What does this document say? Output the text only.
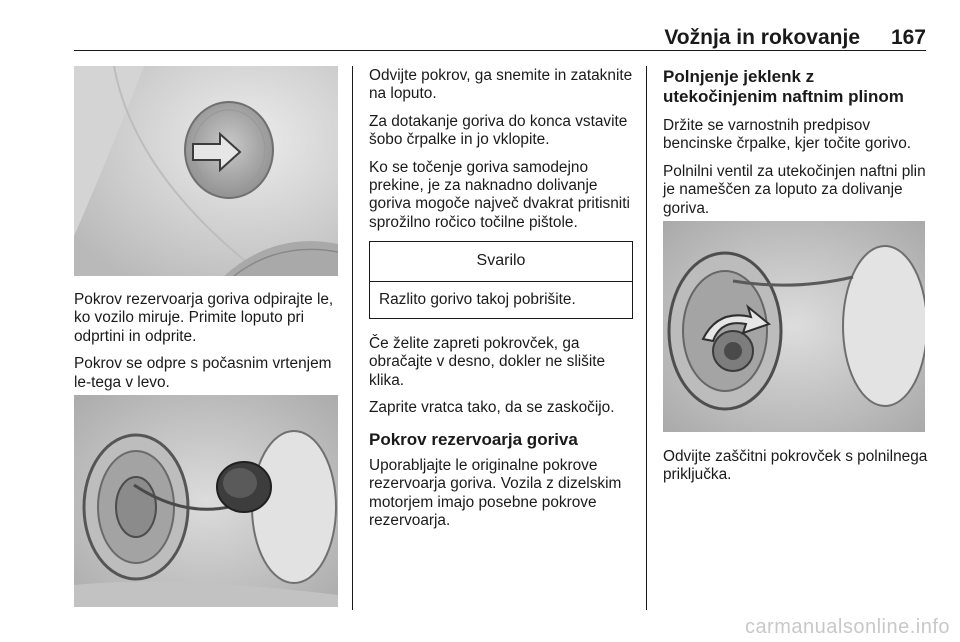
Vožnja in rokovanje	167

Pokrov rezervoarja goriva odpirajte le, ko vozilo miruje. Primite loputo pri odprtini in odprite.

Pokrov se odpre s počasnim vrtenjem le-tega v levo.

Odvijte pokrov, ga snemite in zataknite na loputo.

Za dotakanje goriva do konca vstavite šobo črpalke in jo vklopite.

Ko se točenje goriva samodejno prekine, je za naknadno dolivanje goriva mogoče največ dvakrat pritisniti sprožilno ročico točilne pištole.

Svarilo
Razlito gorivo takoj pobrišite.

Če želite zapreti pokrovček, ga obračajte v desno, dokler ne slišite klika.

Zaprite vratca tako, da se zaskočijo.

Pokrov rezervoarja goriva

Uporabljajte le originalne pokrove rezervoarja goriva. Vozila z dizelskim motorjem imajo posebne pokrove rezervoarja.

Polnjenje jeklenk z utekočinjenim naftnim plinom

Držite se varnostnih predpisov bencinske črpalke, kjer točite gorivo.

Polnilni ventil za utekočinjen naftni plin je nameščen za loputo za dolivanje goriva.

Odvijte zaščitni pokrovček s polnilnega priključka.

carmanualsonline.info
